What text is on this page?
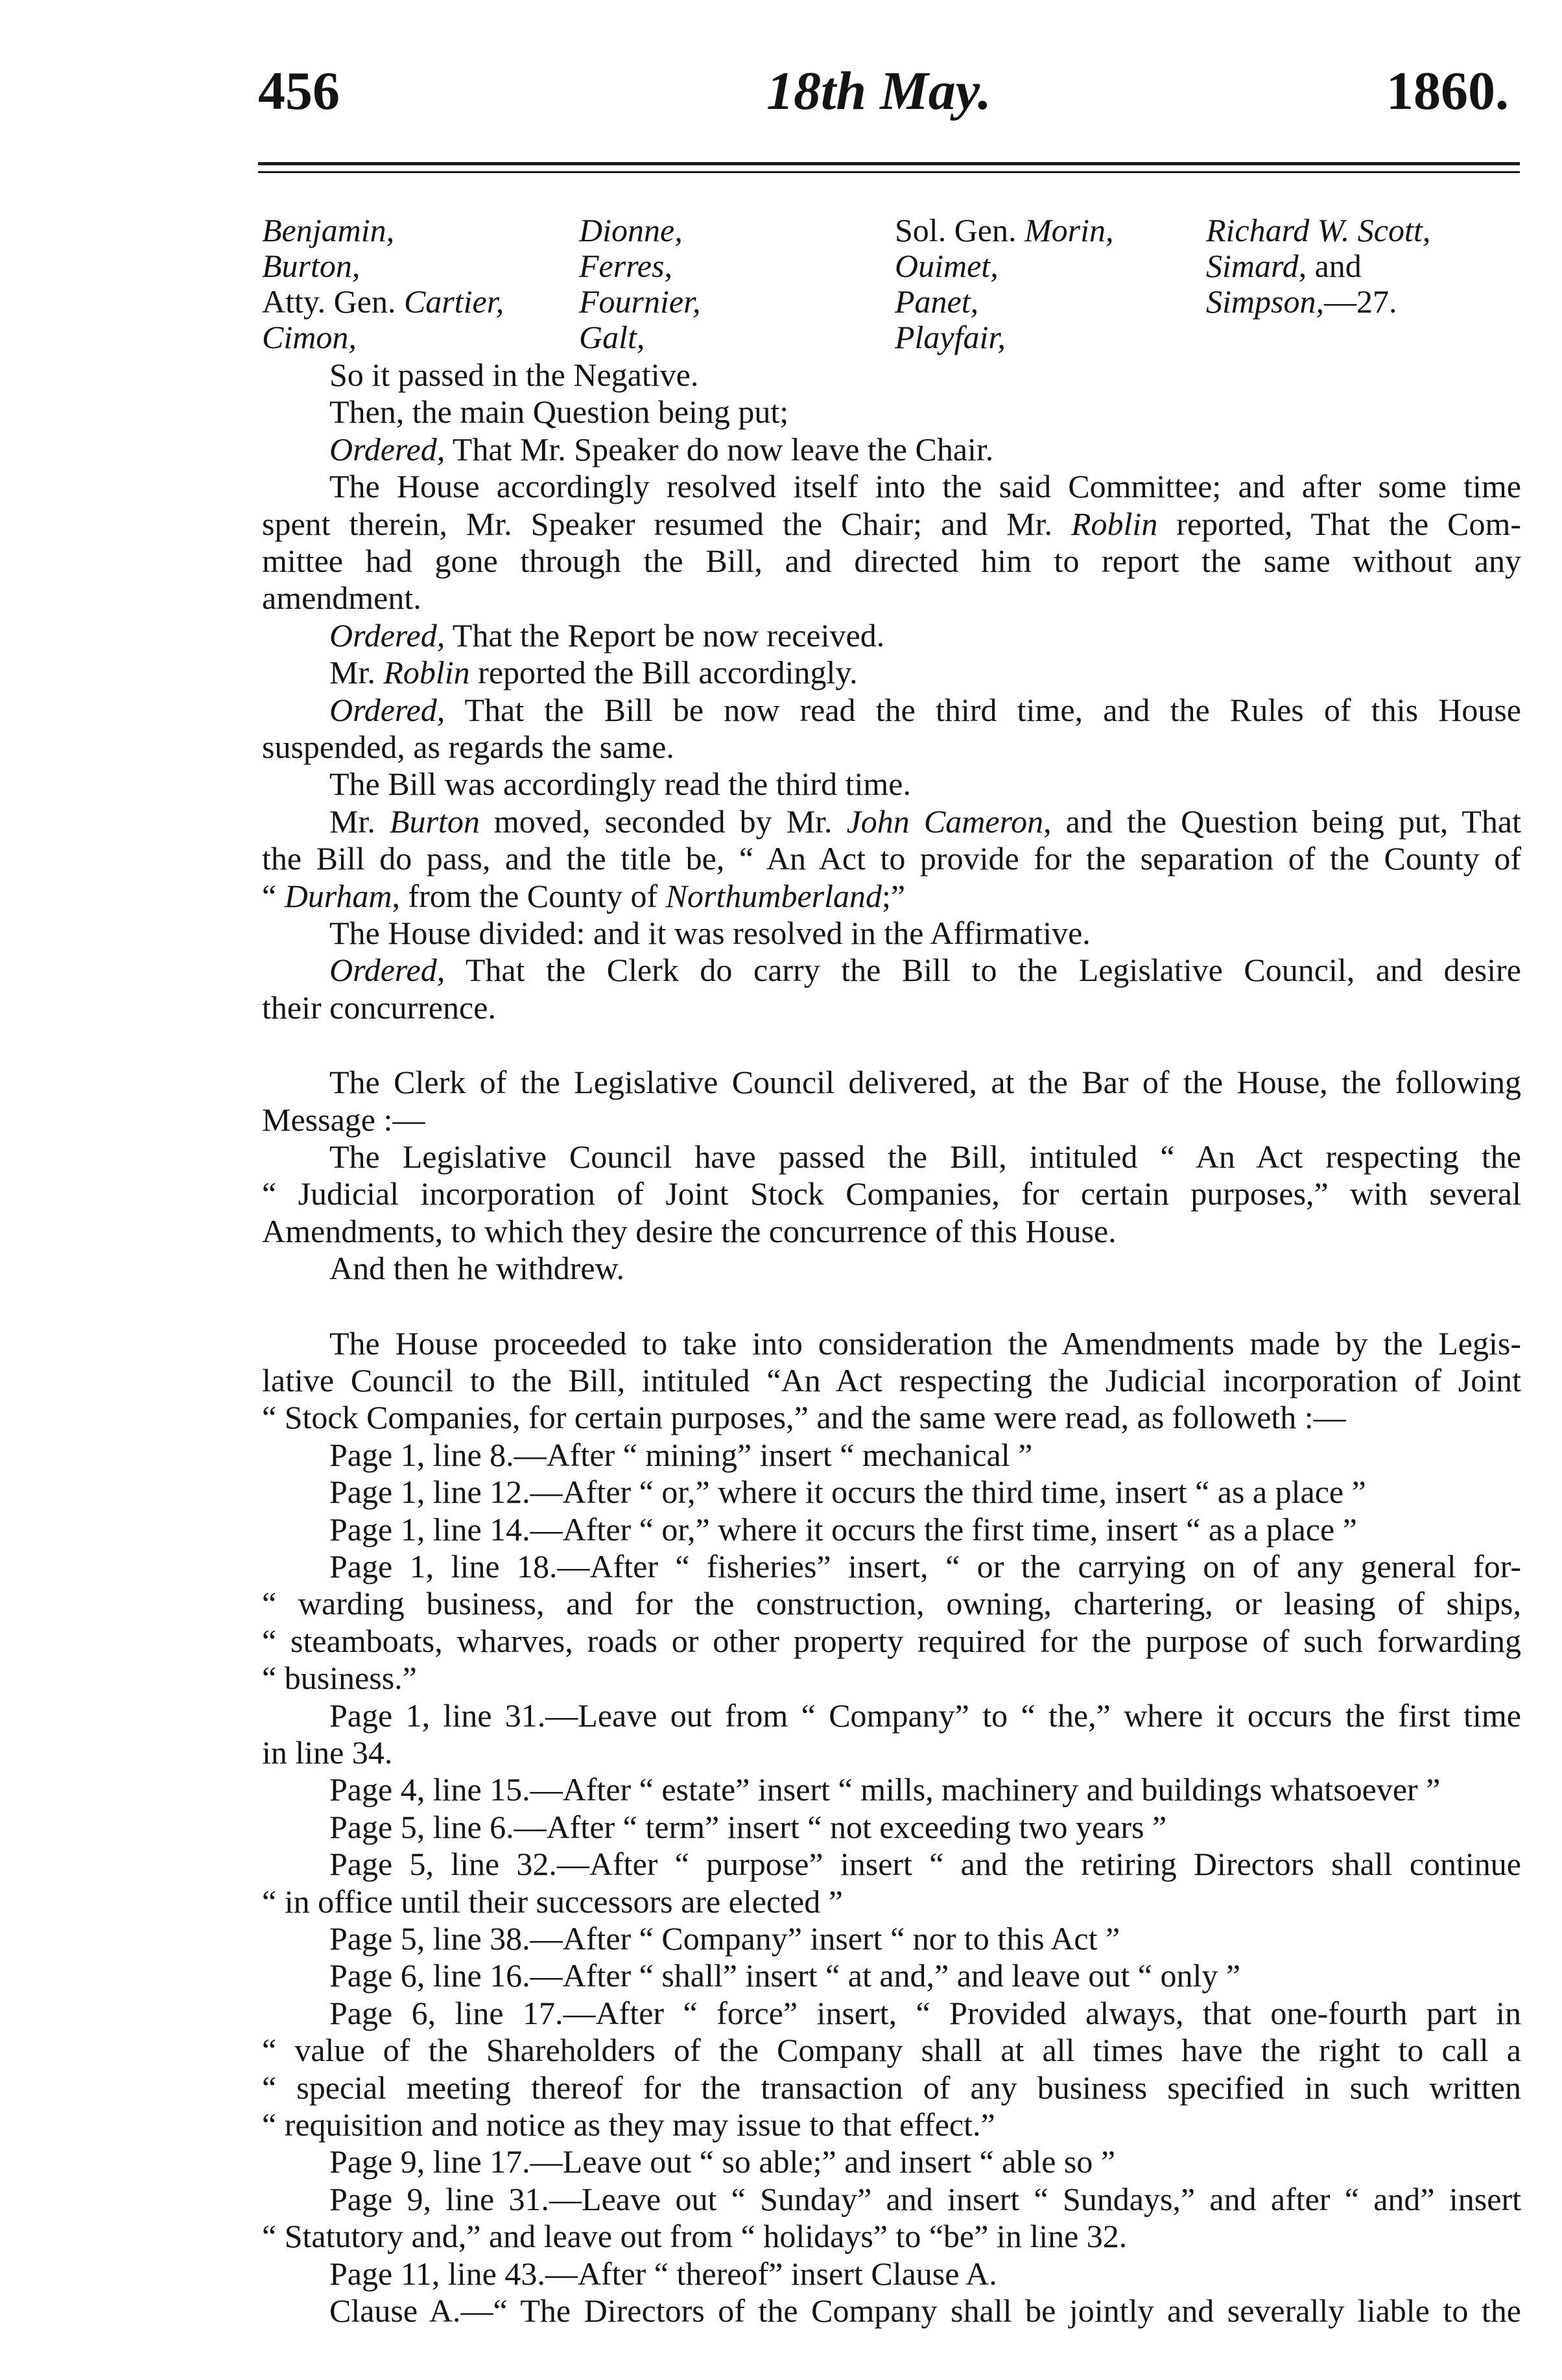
456	18th May.	1860.
Benjamin,
Burton,
Atty. Gen. Cartier,
Cimon,
Dionne,
Ferres,
Fournier,
Galt,
Sol. Gen. Morin,
Ouimet,
Panet,
Playfair,
Richard W. Scott,
Simard, and
Simpson,—27.
So it passed in the Negative.
Then, the main Question being put;
Ordered, That Mr. Speaker do now leave the Chair.
The House accordingly resolved itself into the said Committee; and after some time
spent therein, Mr. Speaker resumed the Chair; and Mr. Roblin reported, That the Com-
mittee had gone through the Bill, and directed him to report the same without any
amendment.
Ordered, That the Report be now received.
Mr. Roblin reported the Bill accordingly.
Ordered, That the Bill be now read the third time, and the Rules of this House
suspended, as regards the same.
The Bill was accordingly read the third time.
Mr. Burton moved, seconded by Mr. John Cameron, and the Question being put, That
the Bill do pass, and the title be, “ An Act to provide for the separation of the County of
“ Durham, from the County of Northumberland;”
The House divided: and it was resolved in the Affirmative.
Ordered, That the Clerk do carry the Bill to the Legislative Council, and desire
their concurrence.
The Clerk of the Legislative Council delivered, at the Bar of the House, the following
Message :—
The Legislative Council have passed the Bill, intituled “ An Act respecting the
“ Judicial incorporation of Joint Stock Companies, for certain purposes,” with several
Amendments, to which they desire the concurrence of this House.
And then he withdrew.
The House proceeded to take into consideration the Amendments made by the Legis-
lative Council to the Bill, intituled “An Act respecting the Judicial incorporation of Joint
“ Stock Companies, for certain purposes,” and the same were read, as followeth :—
Page 1, line 8.—After “ mining” insert “ mechanical ”
Page 1, line 12.—After “ or,” where it occurs the third time, insert “ as a place ”
Page 1, line 14.—After “ or,” where it occurs the first time, insert “ as a place ”
Page 1, line 18.—After “ fisheries” insert, “ or the carrying on of any general for-
“ warding business, and for the construction, owning, chartering, or leasing of ships,
“ steamboats, wharves, roads or other property required for the purpose of such forwarding
“ business.”
Page 1, line 31.—Leave out from “ Company” to “ the,” where it occurs the first time
in line 34.
Page 4, line 15.—After “ estate” insert “ mills, machinery and buildings whatsoever ”
Page 5, line 6.—After “ term” insert “ not exceeding two years ”
Page 5, line 32.—After “ purpose” insert “ and the retiring Directors shall continue
“ in office until their successors are elected ”
Page 5, line 38.—After “ Company” insert “ nor to this Act ”
Page 6, line 16.—After “ shall” insert “ at and,” and leave out “ only ”
Page 6, line 17.—After “ force” insert, “ Provided always, that one-fourth part in
“ value of the Shareholders of the Company shall at all times have the right to call a
“ special meeting thereof for the transaction of any business specified in such written
“ requisition and notice as they may issue to that effect.”
Page 9, line 17.—Leave out “ so able;” and insert “ able so ”
Page 9, line 31.—Leave out “ Sunday” and insert “ Sundays,” and after “ and” insert
“ Statutory and,” and leave out from “ holidays” to “be” in line 32.
Page 11, line 43.—After “ thereof” insert Clause A.
Clause A.—“ The Directors of the Company shall be jointly and severally liable to the
